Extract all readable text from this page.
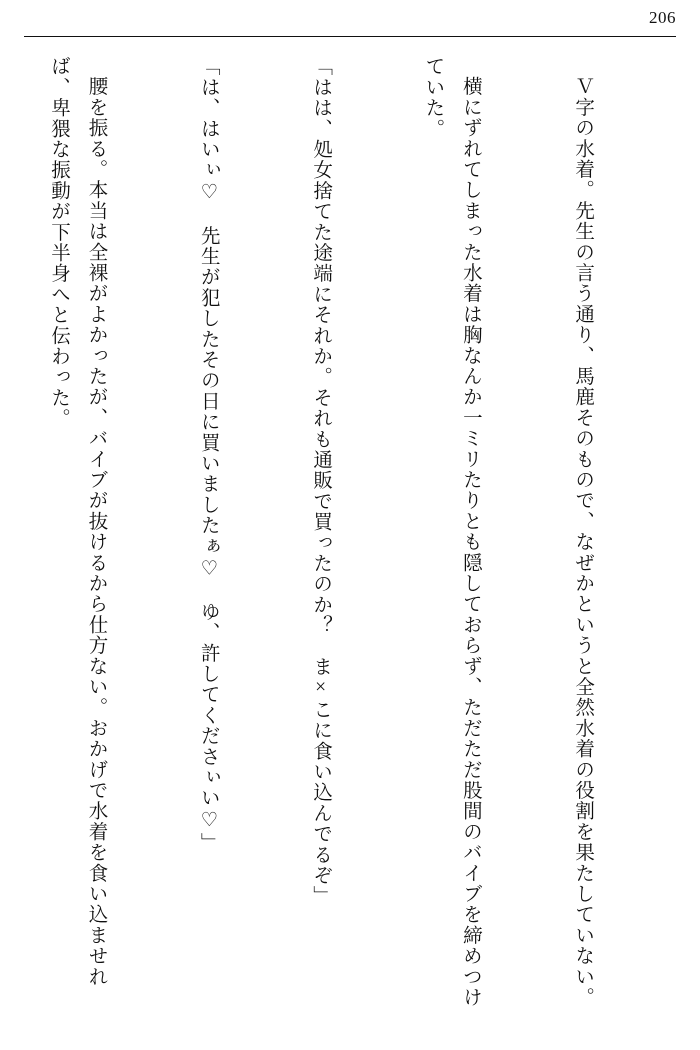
206

Ｖ字の水着。先生の言う通り、馬鹿そのもので、なぜかというと全然水着の役割を果たしていない。

横にずれてしまった水着は胸なんか一ミリたりとも隠しておらず、ただただ股間のバイブを締めつけていた。

「はは、処女捨てた途端にそれか。それも通販で買ったのか？　ま×こに食い込んでるぞ」

「は、はいぃ♡　先生が犯したその日に買いましたぁ♡　ゆ、許してくださぃい♡」

腰を振る。本当は全裸がよかったが、バイブが抜けるから仕方ない。おかげで水着を食い込ませれば、卑猥な振動が下半身へと伝わった。
